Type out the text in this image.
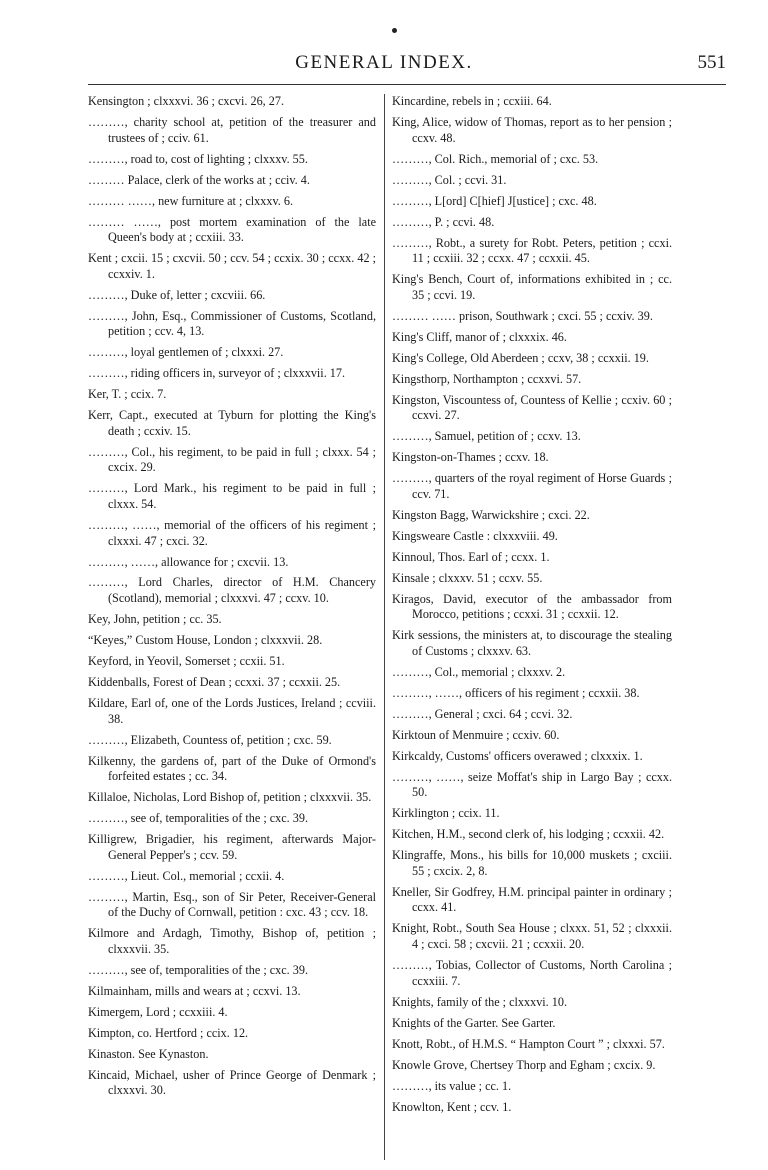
GENERAL INDEX.	551

Kensington ; clxxxvi. 36 ; cxcvi. 26, 27.

………, charity school at, petition of the treasurer and trustees of ; cciv. 61.

………, road to, cost of lighting ; clxxxv. 55.

……… Palace, clerk of the works at ; cciv. 4.

……… ……, new furniture at ; clxxxv. 6.

……… ……, post mortem examination of the late Queen's body at ; ccxiii. 33.

Kent ; cxcii. 15 ; cxcvii. 50 ; ccv. 54 ; ccxix. 30 ; ccxx. 42 ; ccxxiv. 1.

………, Duke of, letter ; cxcviii. 66.

………, John, Esq., Commissioner of Customs, Scotland, petition ; ccv. 4, 13.

………, loyal gentlemen of ; clxxxi. 27.

………, riding officers in, surveyor of ; clxxxvii. 17.

Ker, T. ; ccix. 7.

Kerr, Capt., executed at Tyburn for plotting the King's death ; ccxiv. 15.

………, Col., his regiment, to be paid in full ; clxxx. 54 ; cxcix. 29.

………, Lord Mark., his regiment to be paid in full ; clxxx. 54.

………, ……, memorial of the officers of his regiment ; clxxxi. 47 ; cxci. 32.

………, ……, allowance for ; cxcvii. 13.

………, Lord Charles, director of H.M. Chancery (Scotland), memorial ; clxxxvi. 47 ; ccxv. 10.

Key, John, petition ; cc. 35.

“Keyes,” Custom House, London ; clxxxvii. 28.

Keyford, in Yeovil, Somerset ; ccxii. 51.

Kiddenballs, Forest of Dean ; ccxxi. 37 ; ccxxii. 25.

Kildare, Earl of, one of the Lords Justices, Ireland ; ccviii. 38.

………, Elizabeth, Countess of, petition ; cxc. 59.

Kilkenny, the gardens of, part of the Duke of Ormond's forfeited estates ; cc. 34.

Killaloe, Nicholas, Lord Bishop of, petition ; clxxxvii. 35.

………, see of, temporalities of the ; cxc. 39.

Killigrew, Brigadier, his regiment, afterwards Major-General Pepper's ; ccv. 59.

………, Lieut. Col., memorial ; ccxii. 4.

………, Martin, Esq., son of Sir Peter, Receiver-General of the Duchy of Cornwall, petition : cxc. 43 ; ccv. 18.

Kilmore and Ardagh, Timothy, Bishop of, petition ; clxxxvii. 35.

………, see of, temporalities of the ; cxc. 39.

Kilmainham, mills and wears at ; ccxvi. 13.

Kimergem, Lord ; ccxxiii. 4.

Kimpton, co. Hertford ; ccix. 12.

Kinaston. See Kynaston.

Kincaid, Michael, usher of Prince George of Denmark ; clxxxvi. 30.

Kincardine, rebels in ; ccxiii. 64.

King, Alice, widow of Thomas, report as to her pension ; ccxv. 48.

………, Col. Rich., memorial of ; cxc. 53.

………, Col. ; ccvi. 31.

………, L[ord] C[hief] J[ustice] ; cxc. 48.

………, P. ; ccvi. 48.

………, Robt., a surety for Robt. Peters, petition ; ccxi. 11 ; ccxiii. 32 ; ccxx. 47 ; ccxxii. 45.

King's Bench, Court of, informations exhibited in ; cc. 35 ; ccvi. 19.

……… …… prison, Southwark ; cxci. 55 ; ccxiv. 39.

King's Cliff, manor of ; clxxxix. 46.

King's College, Old Aberdeen ; ccxv, 38 ; ccxxii. 19.

Kingsthorp, Northampton ; ccxxvi. 57.

Kingston, Viscountess of, Countess of Kellie ; ccxiv. 60 ; ccxvi. 27.

………, Samuel, petition of ; ccxv. 13.

Kingston-on-Thames ; ccxv. 18.

………, quarters of the royal regiment of Horse Guards ; ccv. 71.

Kingston Bagg, Warwickshire ; cxci. 22.

Kingsweare Castle : clxxxviii. 49.

Kinnoul, Thos. Earl of ; ccxx. 1.

Kinsale ; clxxxv. 51 ; ccxv. 55.

Kiragos, David, executor of the ambassador from Morocco, petitions ; ccxxi. 31 ; ccxxii. 12.

Kirk sessions, the ministers at, to discourage the stealing of Customs ; clxxxv. 63.

………, Col., memorial ; clxxxv. 2.

………, ……, officers of his regiment ; ccxxii. 38.

………, General ; cxci. 64 ; ccvi. 32.

Kirktoun of Menmuire ; ccxiv. 60.

Kirkcaldy, Customs' officers overawed ; clxxxix. 1.

………, ……, seize Moffat's ship in Largo Bay ; ccxx. 50.

Kirklington ; ccix. 11.

Kitchen, H.M., second clerk of, his lodging ; ccxxii. 42.

Klingraffe, Mons., his bills for 10,000 muskets ; cxciii. 55 ; cxcix. 2, 8.

Kneller, Sir Godfrey, H.M. principal painter in ordinary ; ccxx. 41.

Knight, Robt., South Sea House ; clxxx. 51, 52 ; clxxxii. 4 ; cxci. 58 ; cxcvii. 21 ; ccxxii. 20.

………, Tobias, Collector of Customs, North Carolina ; ccxxiii. 7.

Knights, family of the ; clxxxvi. 10.

Knights of the Garter. See Garter.

Knott, Robt., of H.M.S. “ Hampton Court ” ; clxxxi. 57.

Knowle Grove, Chertsey Thorp and Egham ; cxcix. 9.

………, its value ; cc. 1.

Knowlton, Kent ; ccv. 1.
